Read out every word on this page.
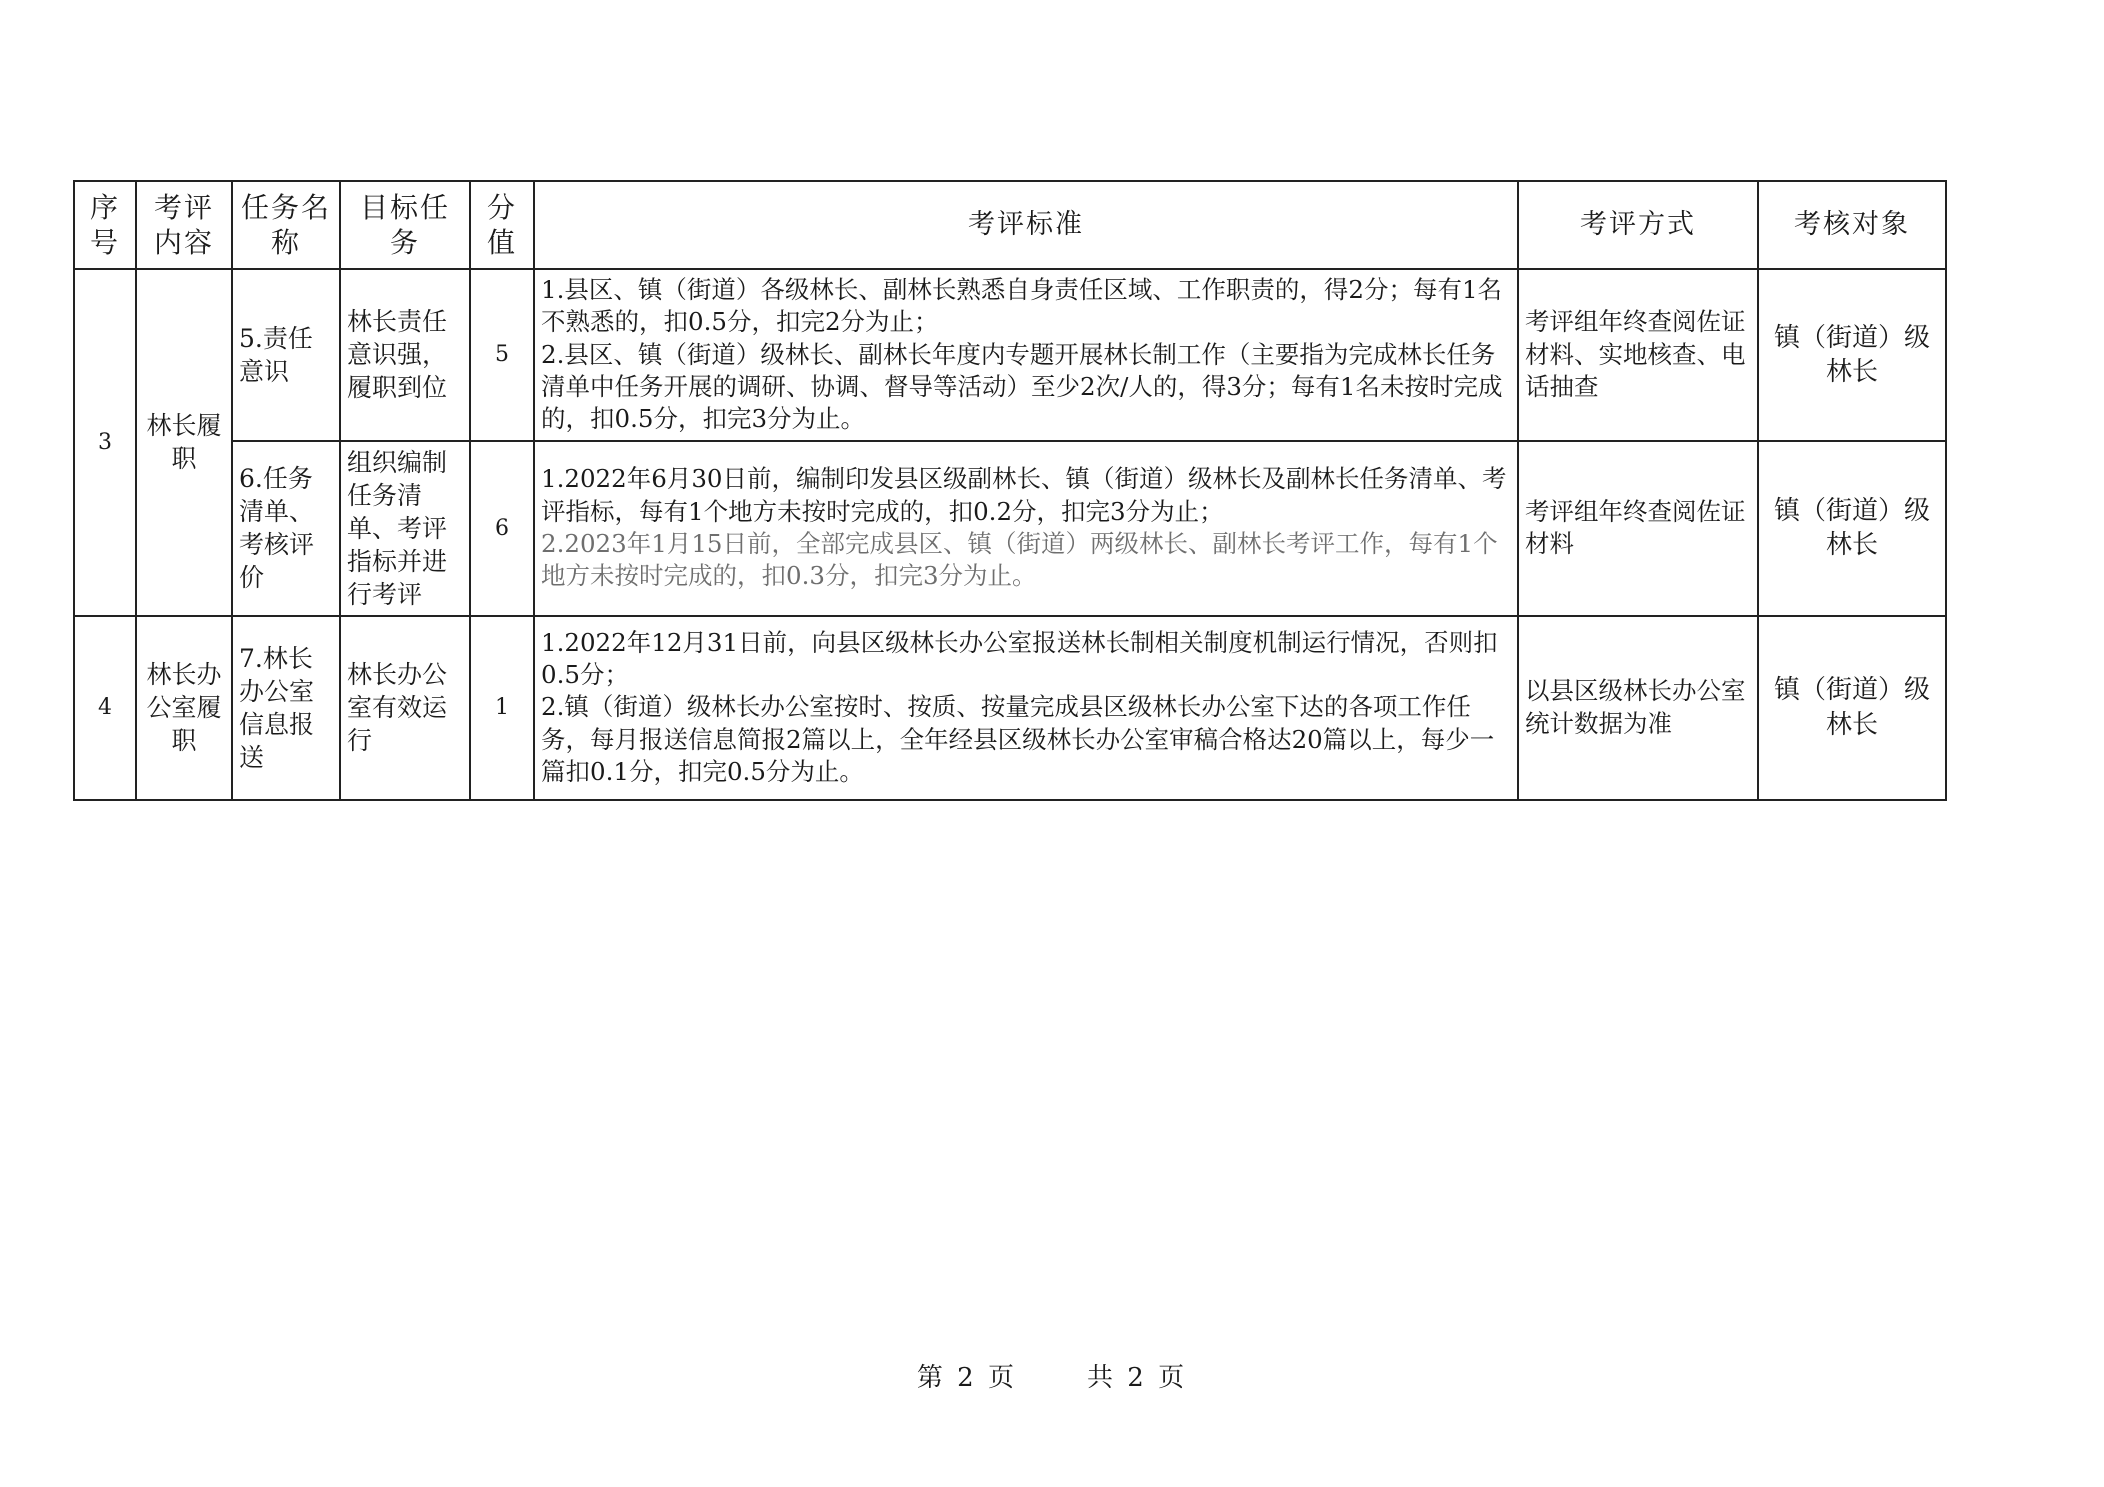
序号	考评内容	任务名称	目标任务	分值	考评标准	考评方式	考核对象
3	林长履职	5.责任意识	林长责任意识强，履职到位	5	1.县区、镇（街道）各级林长、副林长熟悉自身责任区域、工作职责的，得2分；每有1名不熟悉的，扣0.5分，扣完2分为止；

2.县区、镇（街道）级林长、副林长年度内专题开展林长制工作（主要指为完成林长任务清单中任务开展的调研、协调、督导等活动）至少2次/人的，得3分；每有1名未按时完成的，扣0.5分，扣完3分为止。	考评组年终查阅佐证材料、实地核查、电话抽查	镇（街道）级林长
		6.任务清单、考核评价	组织编制任务清单、考评指标并进行考评	6	1.2022年6月30日前，编制印发县区级副林长、镇（街道）级林长及副林长任务清单、考评指标，每有1个地方未按时完成的，扣0.2分，扣完3分为止；

2.2023年1月15日前，全部完成县区、镇（街道）两级林长、副林长考评工作，每有1个地方未按时完成的，扣0.3分，扣完3分为止。	考评组年终查阅佐证材料	镇（街道）级林长
4	林长办公室履职	7.林长办公室信息报送	林长办公室有效运行	1	1.2022年12月31日前，向县区级林长办公室报送林长制相关制度机制运行情况，否则扣0.5分；

2.镇（街道）级林长办公室按时、按质、按量完成县区级林长办公室下达的各项工作任务，每月报送信息简报2篇以上，全年经县区级林长办公室审稿合格达20篇以上，每少一篇扣0.1分，扣完0.5分为止。	以县区级林长办公室统计数据为准	镇（街道）级林长
第 2 页	共 2 页
